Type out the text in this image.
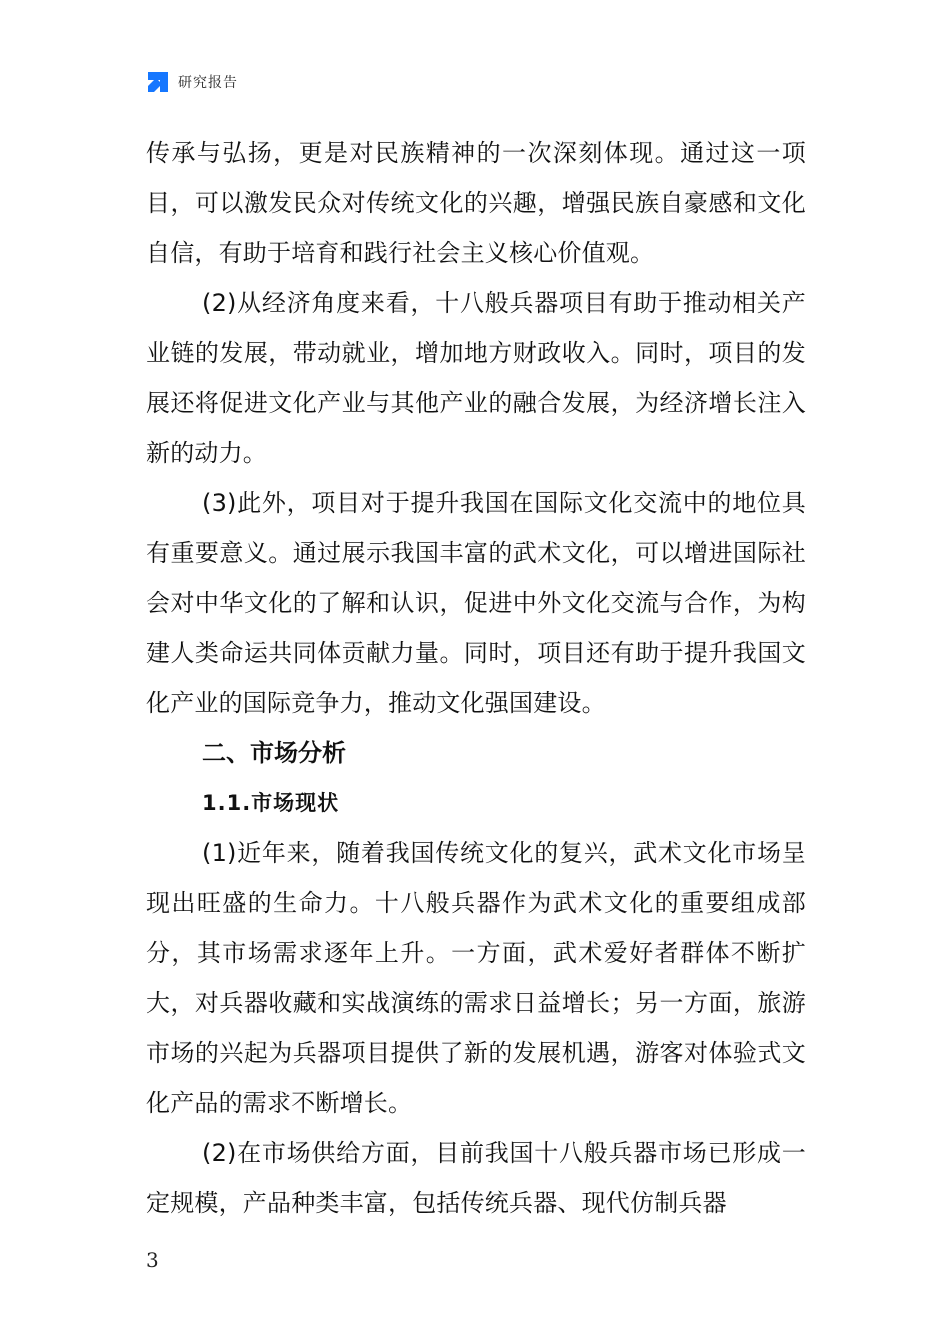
研究报告

传承与弘扬，更是对民族精神的一次深刻体现。通过这一项目，可以激发民众对传统文化的兴趣，增强民族自豪感和文化自信，有助于培育和践行社会主义核心价值观。

(2)从经济角度来看，十八般兵器项目有助于推动相关产业链的发展，带动就业，增加地方财政收入。同时，项目的发展还将促进文化产业与其他产业的融合发展，为经济增长注入新的动力。

(3)此外，项目对于提升我国在国际文化交流中的地位具有重要意义。通过展示我国丰富的武术文化，可以增进国际社会对中华文化的了解和认识，促进中外文化交流与合作，为构建人类命运共同体贡献力量。同时，项目还有助于提升我国文化产业的国际竞争力，推动文化强国建设。

二、市场分析
1.1.市场现状

(1)近年来，随着我国传统文化的复兴，武术文化市场呈现出旺盛的生命力。十八般兵器作为武术文化的重要组成部分，其市场需求逐年上升。一方面，武术爱好者群体不断扩大，对兵器收藏和实战演练的需求日益增长；另一方面，旅游市场的兴起为兵器项目提供了新的发展机遇，游客对体验式文化产品的需求不断增长。

(2)在市场供给方面，目前我国十八般兵器市场已形成一定规模，产品种类丰富，包括传统兵器、现代仿制兵器

3
